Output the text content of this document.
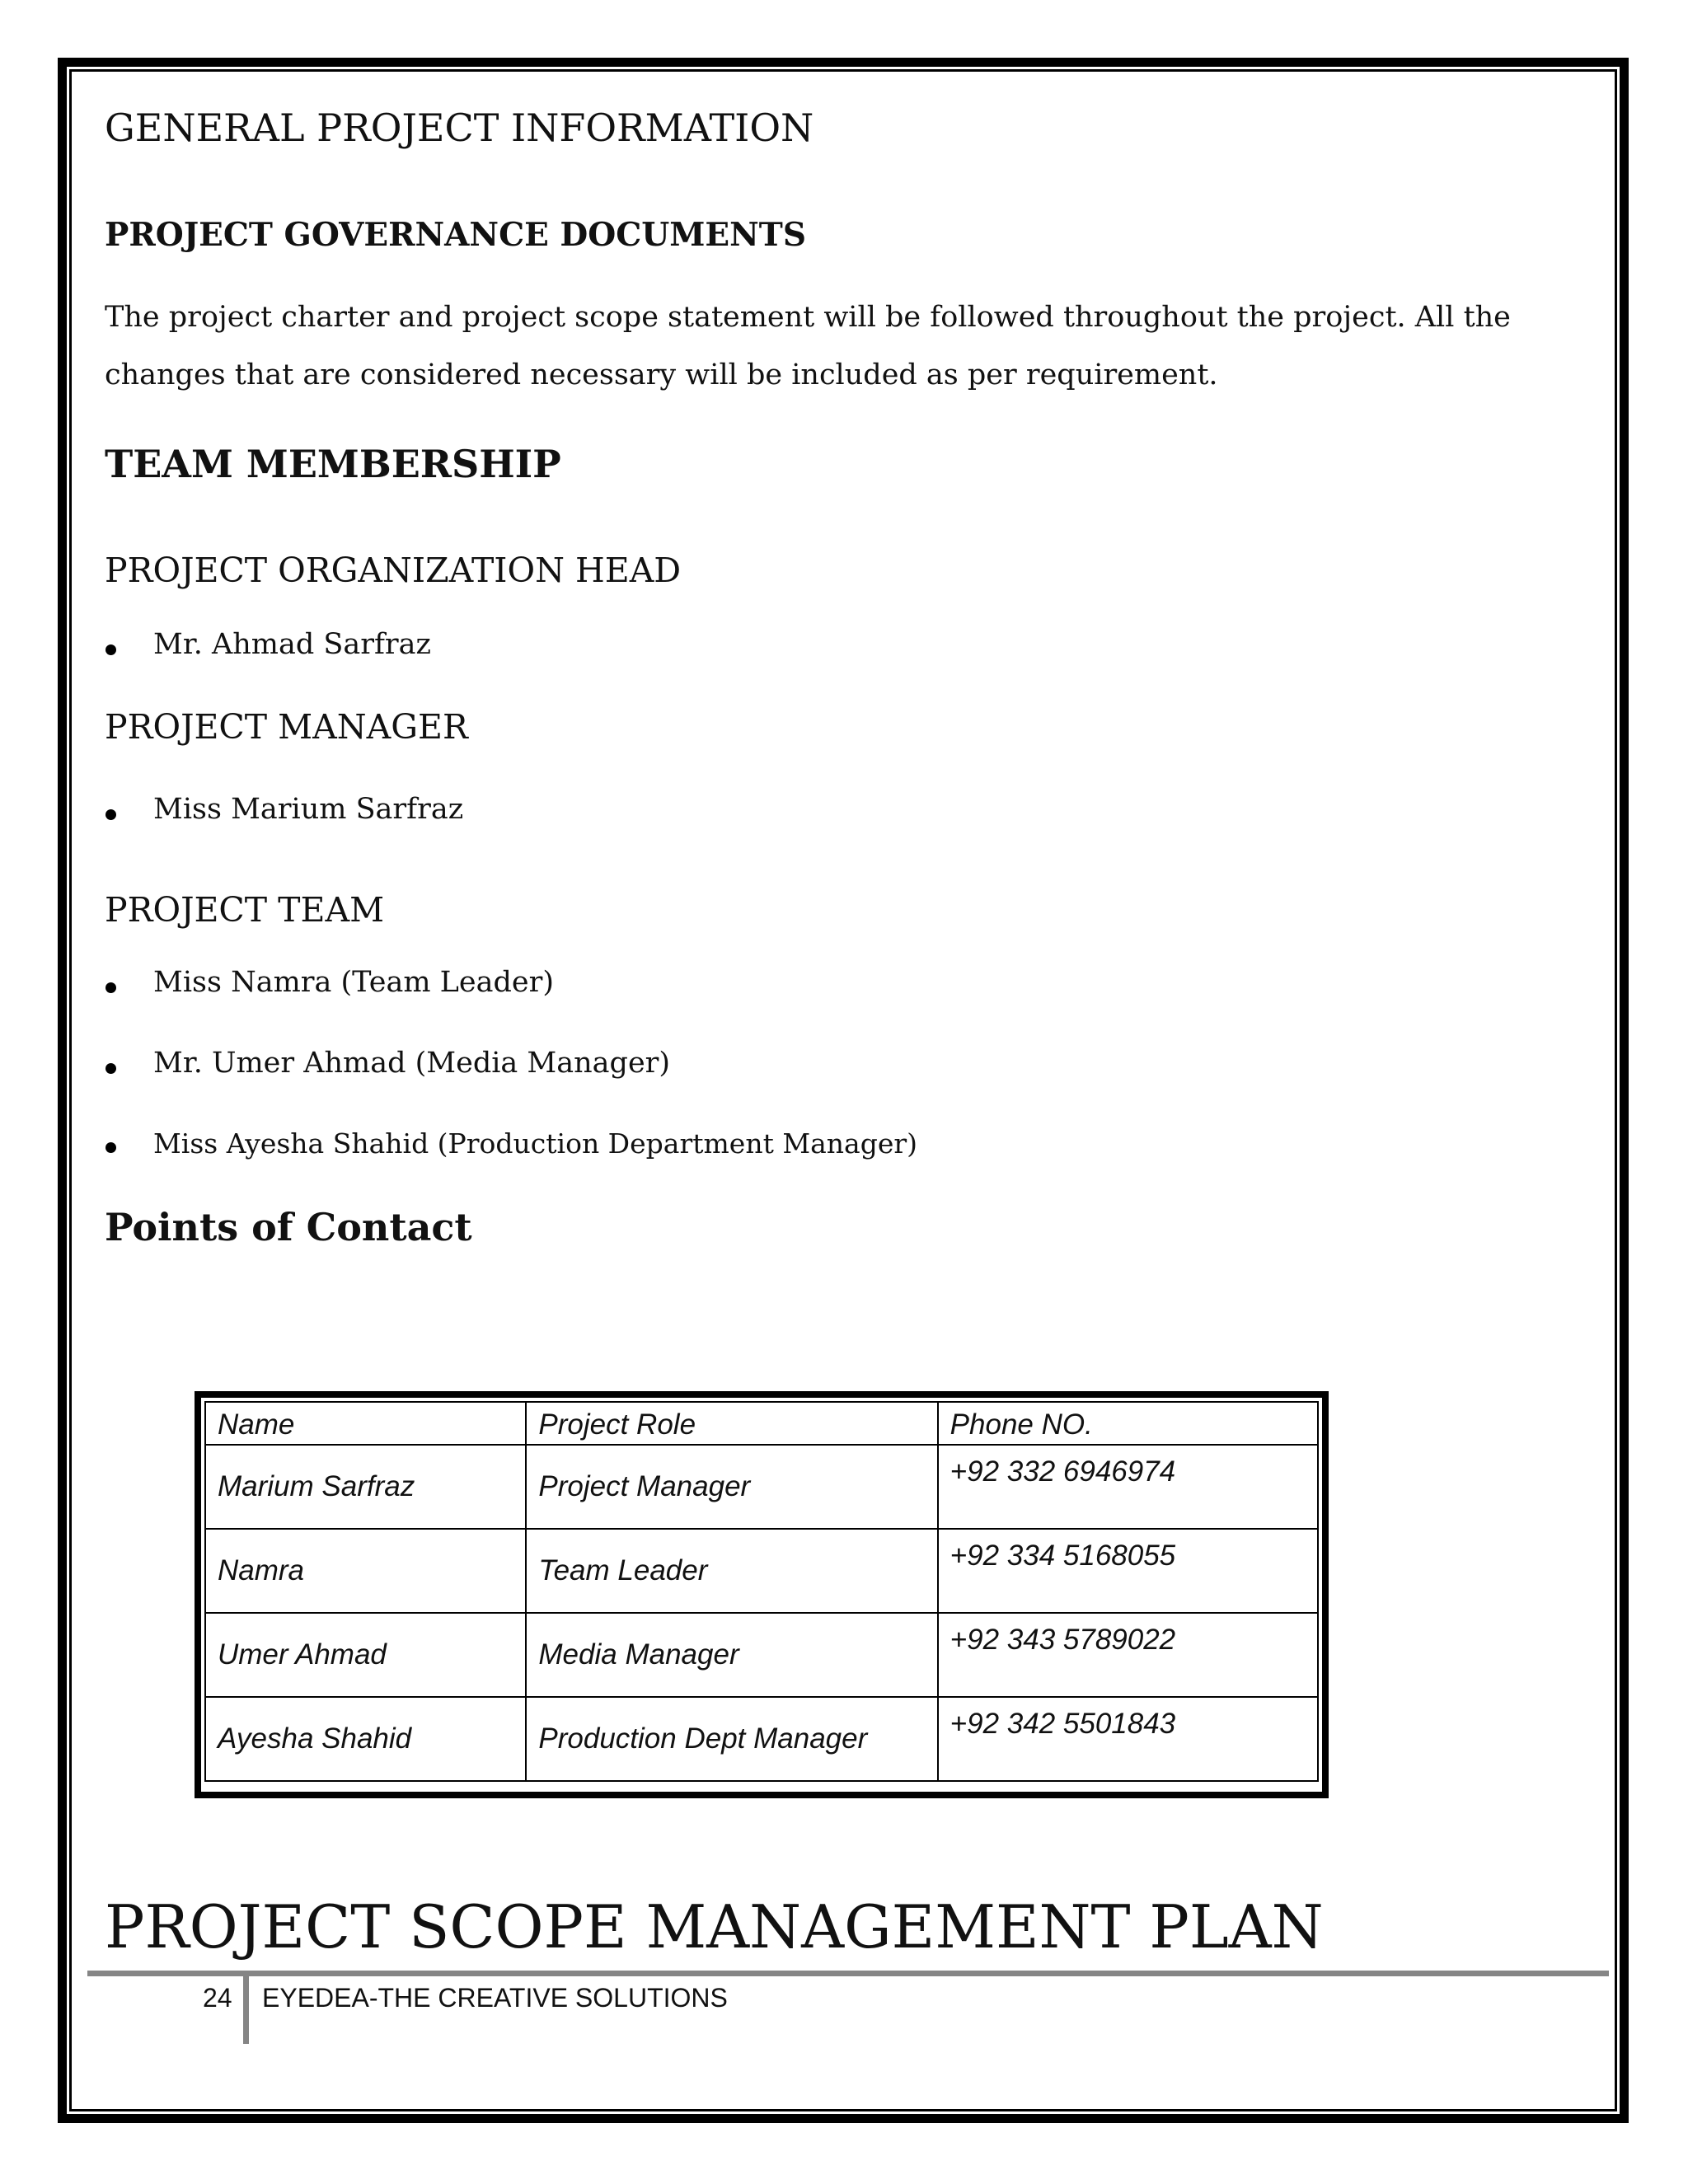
GENERAL PROJECT INFORMATION
PROJECT GOVERNANCE DOCUMENTS
The project charter and project scope statement will be followed throughout the project. All the changes that are considered necessary will be included as per requirement.
TEAM MEMBERSHIP
PROJECT ORGANIZATION HEAD
Mr. Ahmad Sarfraz
PROJECT MANAGER
Miss Marium Sarfraz
PROJECT TEAM
Miss Namra (Team Leader)
Mr. Umer Ahmad (Media Manager)
Miss Ayesha Shahid (Production Department Manager)
Points of Contact
Name	Project Role	Phone NO.
Marium Sarfraz	Project Manager	+92 332 6946974
Namra	Team Leader	+92 334 5168055
Umer Ahmad	Media Manager	+92 343 5789022
Ayesha Shahid	Production Dept Manager	+92 342 5501843
PROJECT SCOPE MANAGEMENT PLAN
24 EYEDEA-THE CREATIVE SOLUTIONS
